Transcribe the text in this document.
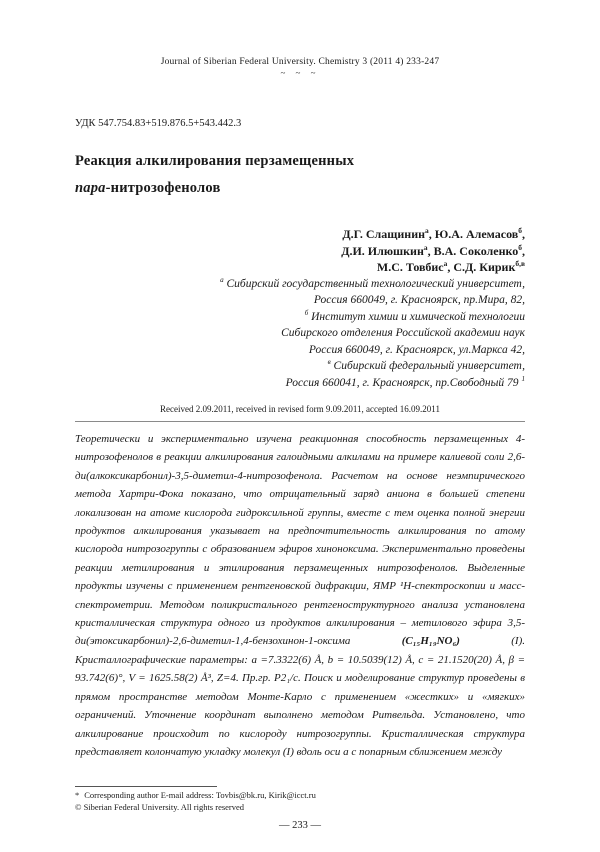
Journal of Siberian Federal University. Chemistry 3 (2011 4) 233-247
~ ~ ~
УДК 547.754.83+519.876.5+543.442.3
Реакция алкилирования перзамещенных
пара-нитрозофенолов
Д.Г. Слащинин$^а$, Ю.А. Алемасов$^б$,
Д.И. Илюшкин$^а$, В.А. Соколенко$^б$,
М.С. Товбис$^а$, С.Д. Кирик$^{б,в}$
$^а$ Сибирский государственный технологический университет,
Россия 660049, г. Красноярск, пр.Мира, 82,
$^б$ Институт химии и химической технологии
Сибирского отделения Российской академии наук
Россия 660049, г. Красноярск, ул.Маркса 42,
$^в$ Сибирский федеральный университет,
Россия 660041, г. Красноярск, пр.Свободный 79 $^1$
Received 2.09.2011, received in revised form 9.09.2011, accepted 16.09.2011

Теоретически и экспериментально изучена реакционная способность перзамещенных 4-нитрозофенолов в реакции алкилирования галоидными алкилами на примере калиевой соли 2,6-ди(алкоксикарбонил)-3,5-диметил-4-нитрозофенола. Расчетом на основе неэмпирического метода Хартри-Фока показано, что отрицательный заряд аниона в большей степени локализован на атоме кислорода гидроксильной группы, вместе с тем оценка полной энергии продуктов алкилирования указывает на предпочтительность алкилирования по атому кислорода нитрозогруппы с образованием эфиров хиноноксима. Экспериментально проведены реакции метилирования и этилирования перзамещенных нитрозофенолов. Выделенные продукты изучены с применением рентгеновской дифракции, ЯМР ¹Н-спектроскопии и масс-спектрометрии. Методом поликристального рентгеноструктурного анализа установлена кристаллическая структура одного из продуктов алкилирования – метилового эфира 3,5-ди(этоксикарбонил)-2,6-диметил-1,4-бензохинон-1-оксима (C₁₅H₁₉NO₆) (I). Кристаллографические параметры: a =7.3322(6) Å, b = 10.5039(12) Å, c = 21.1520(20) Å, β = 93.742(6)°, V = 1625.58(2) Å³, Z=4. Пр.гр. P2₁/c. Поиск и моделирование структур проведены в прямом пространстве методом Монте-Карло с применением «жестких» и «мягких» ограничений. Уточнение координат выполнено методом Ритвельда. Установлено, что алкилирование происходит по кислороду нитрозогруппы. Кристаллическая структура представляет колончатую укладку молекул (I) вдоль оси a с попарным сближением между

* Corresponding author E-mail address: Tovbis@bk.ru, Kirik@icct.ru
© Siberian Federal University. All rights reserved
— 233 —
